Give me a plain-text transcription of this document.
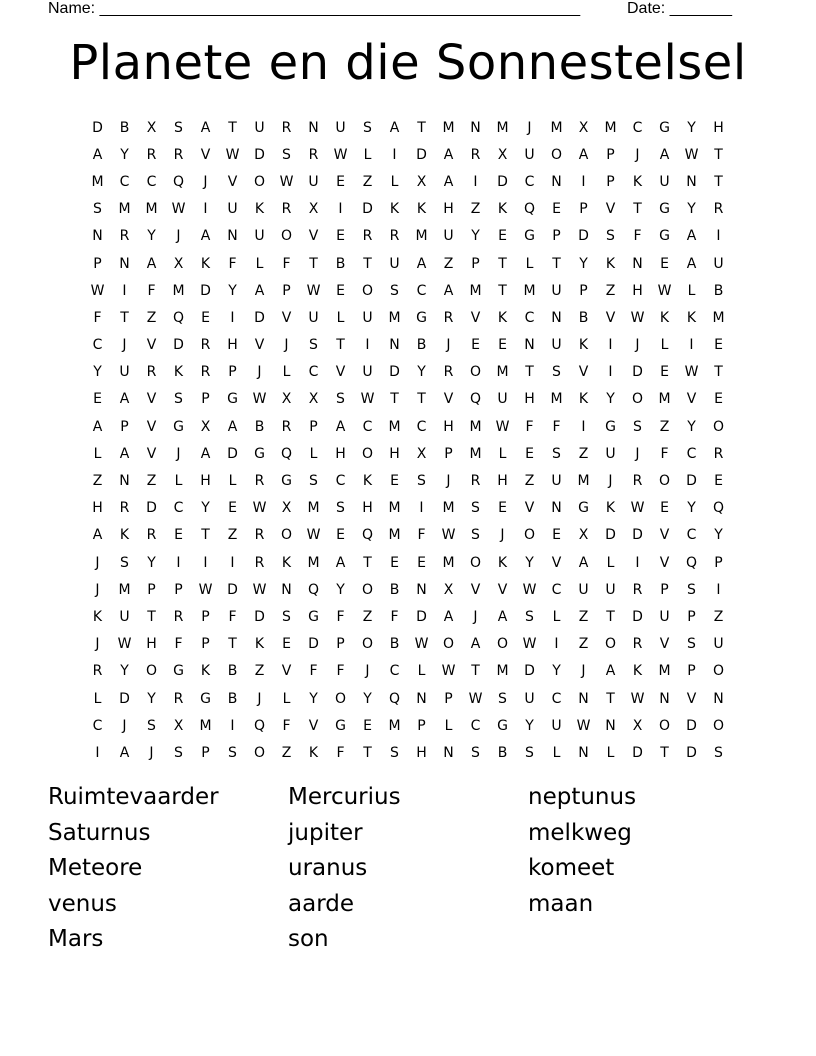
Name: ______________________________________________________	Date: _______
Planete en die Sonnestelsel
D	B	X	S	A	T	U	R	N	U	S	A	T	M	N	M	J	M	X	M	C	G	Y	H
A	Y	R	R	V	W	D	S	R	W	L	I	D	A	R	X	U	O	A	P	J	A	W	T
M	C	C	Q	J	V	O	W	U	E	Z	L	X	A	I	D	C	N	I	P	K	U	N	T
S	M	M	W	I	U	K	R	X	I	D	K	K	H	Z	K	Q	E	P	V	T	G	Y	R
N	R	Y	J	A	N	U	O	V	E	R	R	M	U	Y	E	G	P	D	S	F	G	A	I
P	N	A	X	K	F	L	F	T	B	T	U	A	Z	P	T	L	T	Y	K	N	E	A	U
W	I	F	M	D	Y	A	P	W	E	O	S	C	A	M	T	M	U	P	Z	H	W	L	B
F	T	Z	Q	E	I	D	V	U	L	U	M	G	R	V	K	C	N	B	V	W	K	K	M
C	J	V	D	R	H	V	J	S	T	I	N	B	J	E	E	N	U	K	I	J	L	I	E
Y	U	R	K	R	P	J	L	C	V	U	D	Y	R	O	M	T	S	V	I	D	E	W	T
E	A	V	S	P	G	W	X	X	S	W	T	T	V	Q	U	H	M	K	Y	O	M	V	E
A	P	V	G	X	A	B	R	P	A	C	M	C	H	M	W	F	F	I	G	S	Z	Y	O
L	A	V	J	A	D	G	Q	L	H	O	H	X	P	M	L	E	S	Z	U	J	F	C	R
Z	N	Z	L	H	L	R	G	S	C	K	E	S	J	R	H	Z	U	M	J	R	O	D	E
H	R	D	C	Y	E	W	X	M	S	H	M	I	M	S	E	V	N	G	K	W	E	Y	Q
A	K	R	E	T	Z	R	O	W	E	Q	M	F	W	S	J	O	E	X	D	D	V	C	Y
J	S	Y	I	I	I	R	K	M	A	T	E	E	M	O	K	Y	V	A	L	I	V	Q	P
J	M	P	P	W	D	W	N	Q	Y	O	B	N	X	V	V	W	C	U	U	R	P	S	I
K	U	T	R	P	F	D	S	G	F	Z	F	D	A	J	A	S	L	Z	T	D	U	P	Z
J	W	H	F	P	T	K	E	D	P	O	B	W	O	A	O	W	I	Z	O	R	V	S	U
R	Y	O	G	K	B	Z	V	F	F	J	C	L	W	T	M	D	Y	J	A	K	M	P	O
L	D	Y	R	G	B	J	L	Y	O	Y	Q	N	P	W	S	U	C	N	T	W	N	V	N
C	J	S	X	M	I	Q	F	V	G	E	M	P	L	C	G	Y	U	W	N	X	O	D	O
I	A	J	S	P	S	O	Z	K	F	T	S	H	N	S	B	S	L	N	L	D	T	D	S
Ruimtevaarder
Saturnus
Meteore
venus
Mars
Mercurius
jupiter
uranus
aarde
son
neptunus
melkweg
komeet
maan
